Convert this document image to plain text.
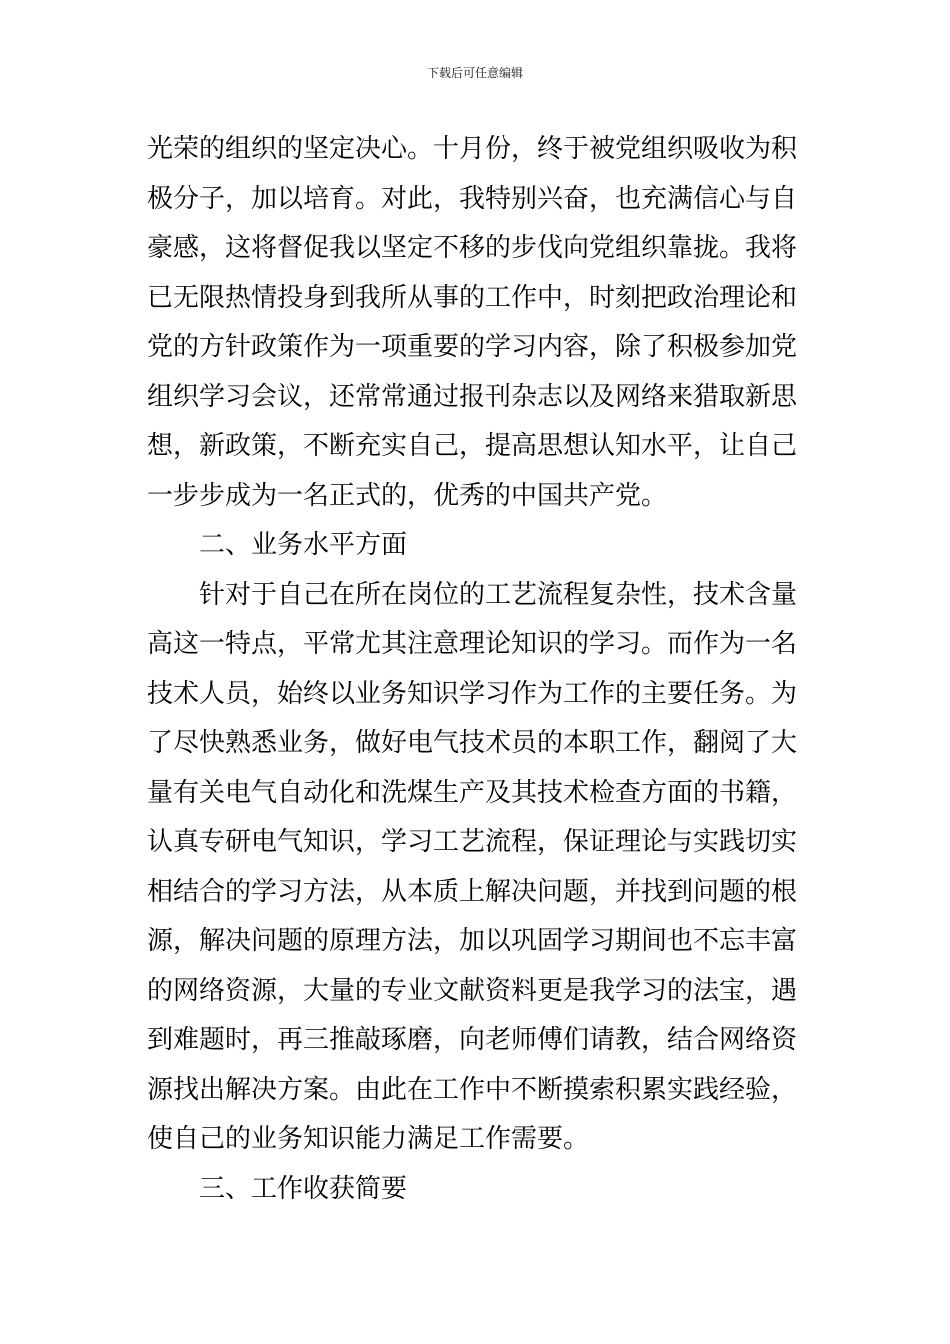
下载后可任意编辑
光荣的组织的坚定决心。十月份，终于被党组织吸收为积
极分子，加以培育。对此，我特别兴奋，也充满信心与自
豪感，这将督促我以坚定不移的步伐向党组织靠拢。我将
已无限热情投身到我所从事的工作中，时刻把政治理论和
党的方针政策作为一项重要的学习内容，除了积极参加党
组织学习会议，还常常通过报刊杂志以及网络来猎取新思
想，新政策，不断充实自己，提高思想认知水平，让自己
一步步成为一名正式的，优秀的中国共产党。
二、业务水平方面
针对于自己在所在岗位的工艺流程复杂性，技术含量
高这一特点，平常尤其注意理论知识的学习。而作为一名
技术人员，始终以业务知识学习作为工作的主要任务。为
了尽快熟悉业务，做好电气技术员的本职工作，翻阅了大
量有关电气自动化和洗煤生产及其技术检查方面的书籍，
认真专研电气知识，学习工艺流程，保证理论与实践切实
相结合的学习方法，从本质上解决问题，并找到问题的根
源，解决问题的原理方法，加以巩固学习期间也不忘丰富
的网络资源，大量的专业文献资料更是我学习的法宝，遇
到难题时，再三推敲琢磨，向老师傅们请教，结合网络资
源找出解决方案。由此在工作中不断摸索积累实践经验，
使自己的业务知识能力满足工作需要。
三、工作收获简要
